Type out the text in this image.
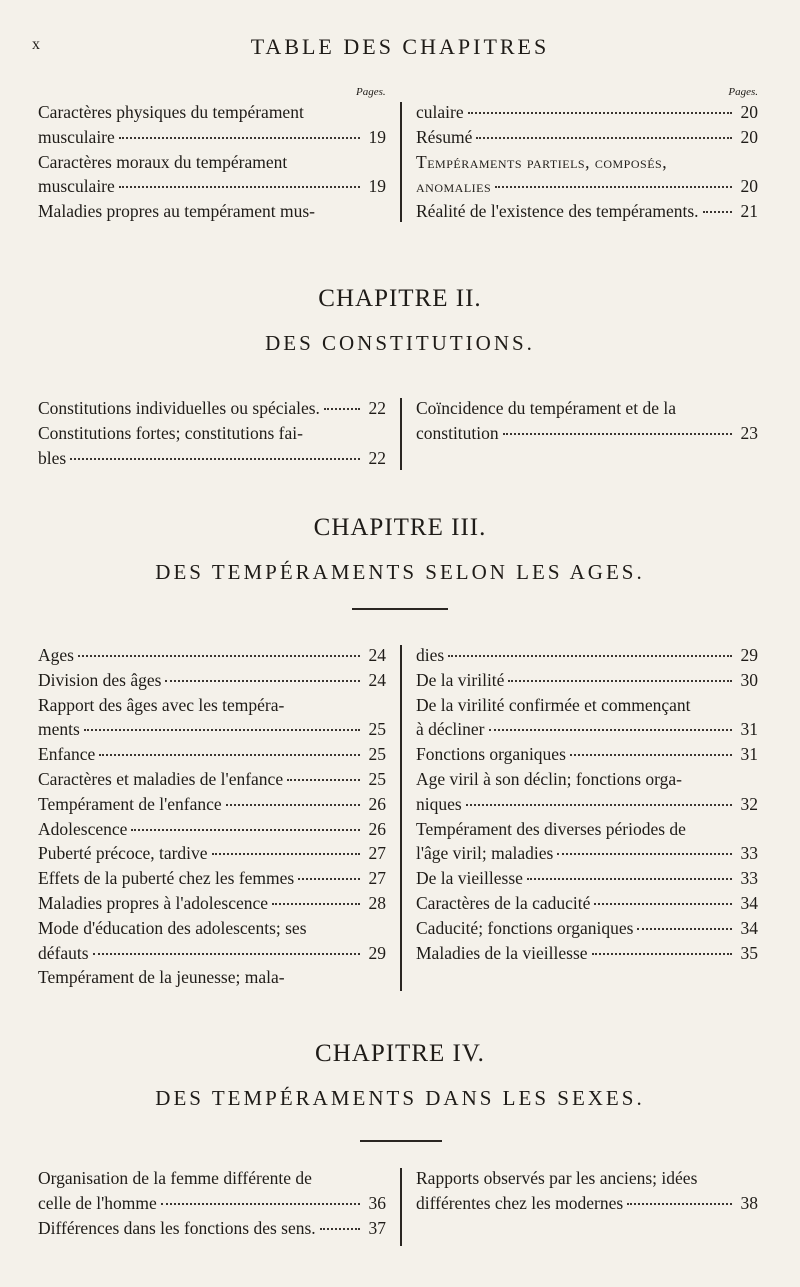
x	TABLE DES CHAPITRES
Pages.	Pages.
Caractères physiques du tempérament
musculaire	19
Caractères moraux du tempérament
musculaire	19
Maladies propres au tempérament mus-
culaire	20
Résumé	20
Tempéraments partiels, composés,
anomalies	20
Réalité de l'existence des tempéraments. 21
CHAPITRE II.
DES CONSTITUTIONS.
Constitutions individuelles ou spéciales.	22
Constitutions fortes; constitutions fai-
bles	22
Coïncidence du tempérament et de la
constitution	23
CHAPITRE III.
DES TEMPÉRAMENTS SELON LES AGES.
Ages	24
Division des âges	24
Rapport des âges avec les tempéra-
ments	25
Enfance	25
Caractères et maladies de l'enfance	25
Tempérament de l'enfance	26
Adolescence	26
Puberté précoce, tardive	27
Effets de la puberté chez les femmes	27
Maladies propres à l'adolescence	28
Mode d'éducation des adolescents; ses
défauts	29
Tempérament de la jeunesse; mala-
dies	29
De la virilité	30
De la virilité confirmée et commençant
à décliner	31
Fonctions organiques	31
Age viril à son déclin; fonctions orga-
niques	32
Tempérament des diverses périodes de
l'âge viril; maladies	33
De la vieillesse	33
Caractères de la caducité	34
Caducité; fonctions organiques	34
Maladies de la vieillesse	35
CHAPITRE IV.
DES TEMPÉRAMENTS DANS LES SEXES.
Organisation de la femme différente de
celle de l'homme	36
Différences dans les fonctions des sens.	37
Rapports observés par les anciens; idées
différentes chez les modernes	38
